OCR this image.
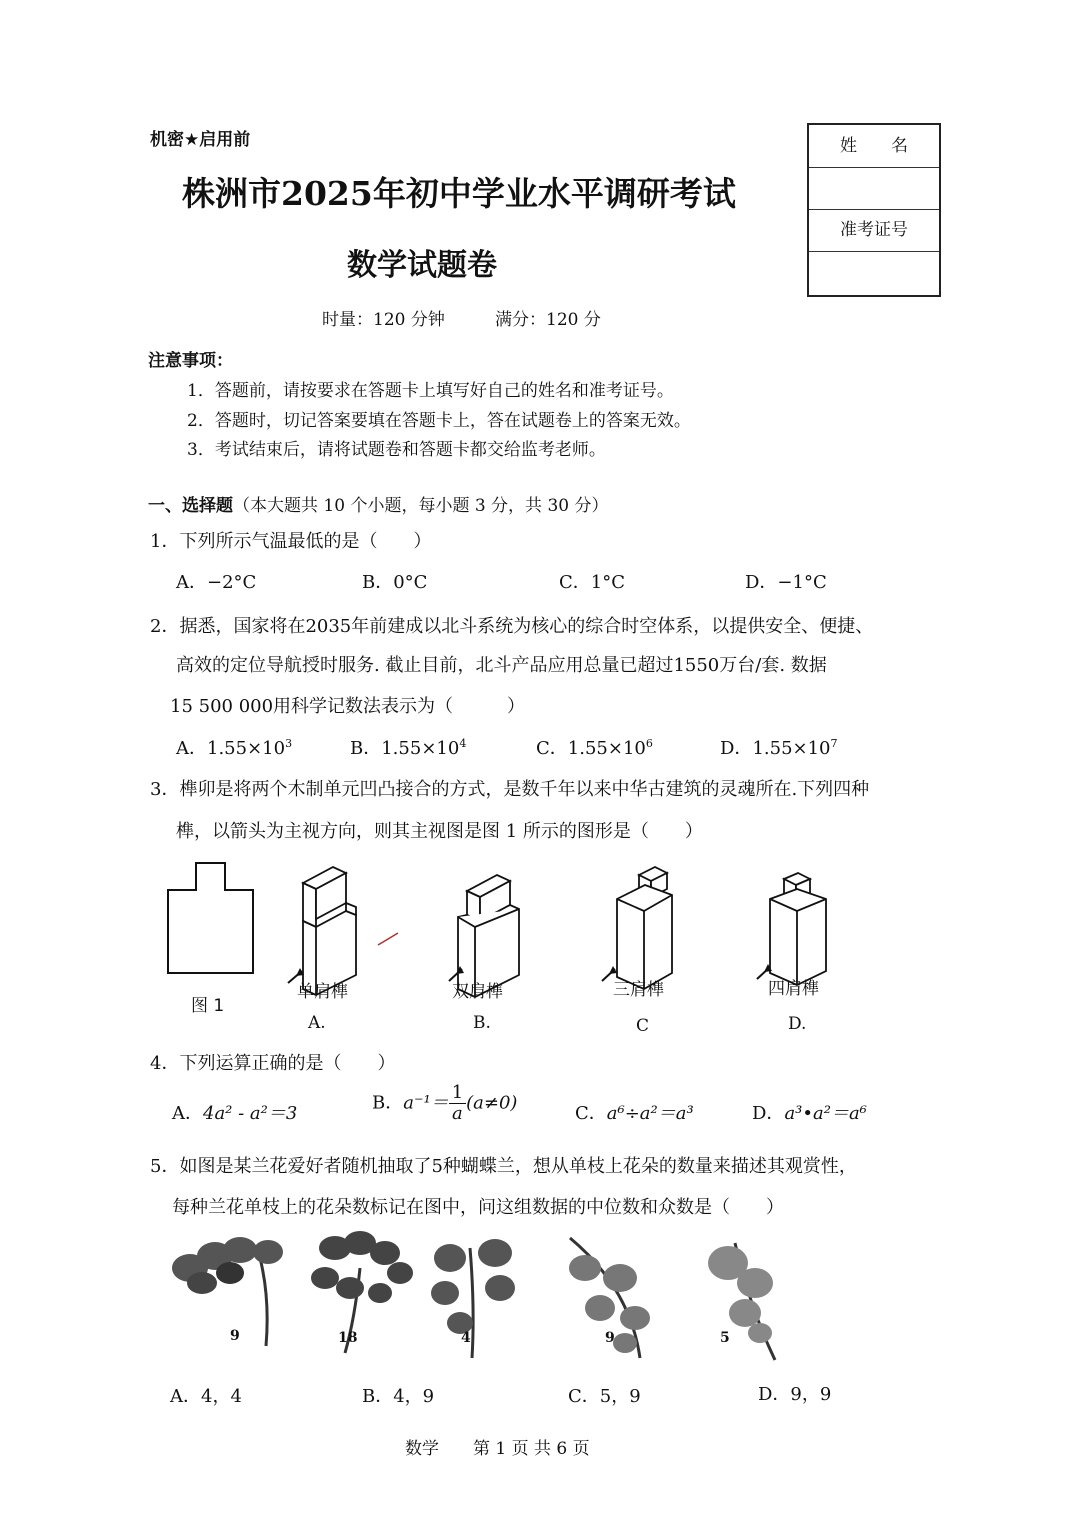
机密★启用前
株洲市2025年初中学业水平调研考试
数学试题卷
时量：120 分钟	满分：120 分
姓　　名
准考证号
注意事项：
1．答题前，请按要求在答题卡上填写好自己的姓名和准考证号。
2．答题时，切记答案要填在答题卡上，答在试题卷上的答案无效。
3．考试结束后，请将试题卷和答题卡都交给监考老师。
一、选择题（本大题共 10 个小题，每小题 3 分，共 30 分）
1．下列所示气温最低的是（　　）
A．−2°C	B．0°C	C．1°C	D．−1°C
2．据悉，国家将在2035年前建成以北斗系统为核心的综合时空体系，以提供安全、便捷、
高效的定位导航授时服务. 截止目前，北斗产品应用总量已超过1550万台/套. 数据
15 500 000用科学记数法表示为（　　　）
A．$1.55\times 10^3$	B．$1.55\times 10^4$	C．$1.55\times 10^6$	D．$1.55\times 10^7$
3．榫卯是将两个木制单元凹凸接合的方式，是数千年以来中华古建筑的灵魂所在.下列四种
榫，以箭头为主视方向，则其主视图是图 1 所示的图形是（　　）
图 1
单肩榫	双肩榫	三肩榫	四肩榫
A.	B.	C	D.
4．下列运算正确的是（　　）
A．4a² - a²＝3
B．$a^{-1}= \frac{1}{a} (a\ne 0)$
C．a⁶÷a²＝a³	D．a³•a²＝a⁶
5．如图是某兰花爱好者随机抽取了5种蝴蝶兰，想从单枝上花朵的数量来描述其观赏性，
每种兰花单枝上的花朵数标记在图中，问这组数据的中位数和众数是（　　）
9	18	4	9	5
A．4，4	B．4，9	C．5，9	D．9，9
数学　　第 1 页 共 6 页
